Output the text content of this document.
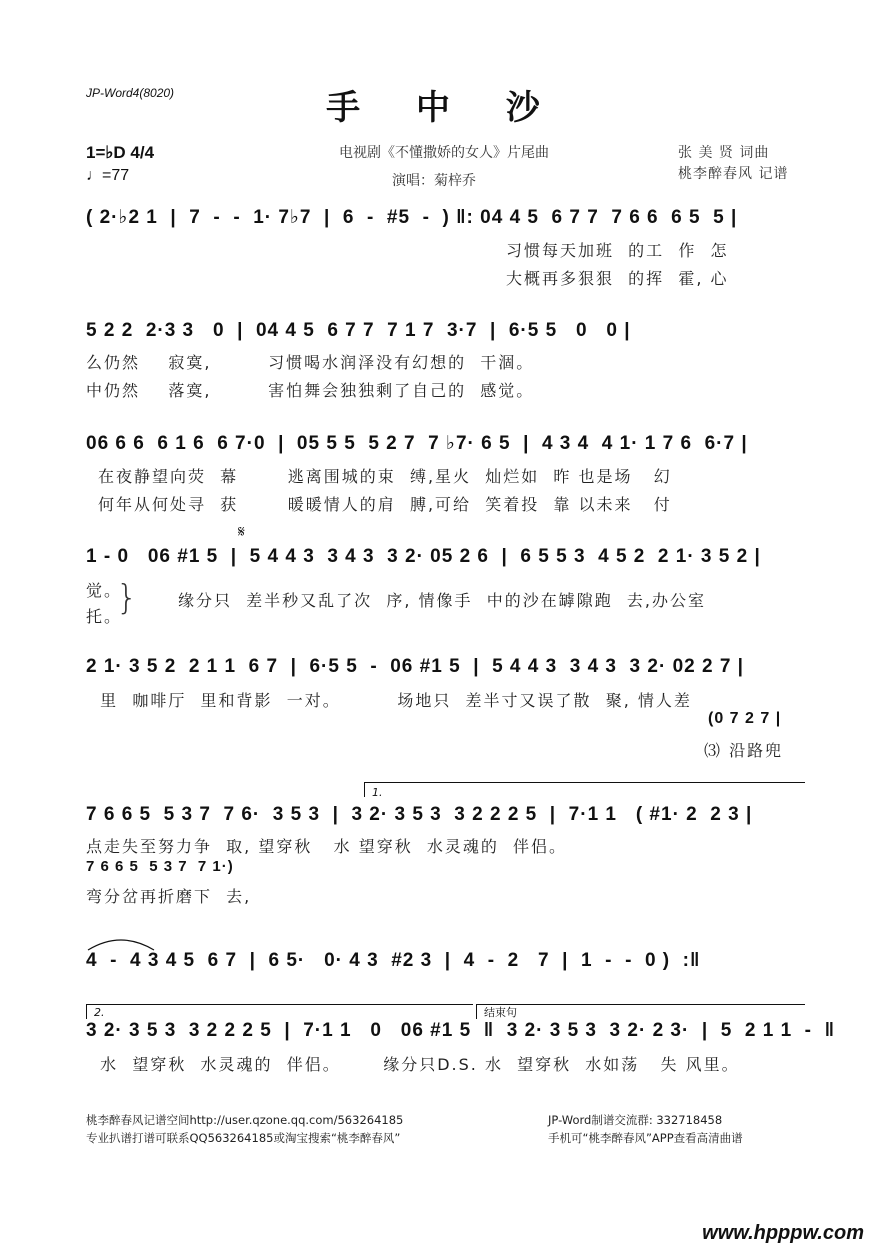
JP-Word4(8020)	手 中 沙
1=♭D 4/4
♩=77
电视剧《不懂撒娇的女人》片尾曲
演唱：菊梓乔
张 美 贤 词曲
桃李醉春风 记谱
( 2·♭2 1  |  7  -  -  1· 7♭7  |  6  -  #5  -  ) ‖: 04 4 5  6 7 7  7 6 6  6 5  5 |
习惯每天加班  的工  作  怎
大概再多狠狠  的挥  霍, 心
5 2 2  2·3 3   0  |  04 4 5  6 7 7  7 1 7  3·7  |  6·5 5   0   0 |
么仍然    寂寞,        习惯喝水润泽没有幻想的  干涸。
中仍然    落寞,        害怕舞会独独剩了自己的  感觉。
06 6 6  6 1 6  6 7·0  |  05 5 5  5 2 7  7 ♭7· 6 5  |  4 3 4  4 1· 1 7 6  6·7 |
在夜静望向荧  幕       逃离围城的束  缚,星火  灿烂如  昨 也是场   幻
何年从何处寻  获       暖暖情人的肩  膊,可给  笑着投  靠 以未来   付
𝄋
1 - 0   06 #1 5  |  5 4 4 3  3 4 3  3 2· 05 2 6  |  6 5 5 3  4 5 2  2 1· 3 5 2 |
觉。
托。
}	缘分只  差半秒又乱了次  序, 情像手  中的沙在罅隙跑  去,办公室
2 1· 3 5 2  2 1 1  6 7  |  6·5 5  -  06 #1 5  |  5 4 4 3  3 4 3  3 2· 02 2 7 |
里  咖啡厅  里和背影  一对。        场地只  差半寸又误了散  聚, 情人差
(0 7 2 7 |
⑶ 沿路兜
1.
7 6 6 5  5 3 7  7 6·  3 5 3  |  3 2· 3 5 3  3 2 2 2 5  |  7·1 1   ( #1· 2  2 3 |
点走失至努力争  取, 望穿秋   水 望穿秋  水灵魂的  伴侣。
7 6 6 5  5 3 7  7 1·)
弯分岔再折磨下  去,
4  -  4 3 4 5  6 7  |  6 5·   0· 4 3  #2 3  |  4  -  2   7  |  1  -  -  0 )  :‖
2.	结束句
3 2· 3 5 3  3 2 2 2 5  |  7·1 1   0   06 #1 5  ‖  3 2· 3 5 3  3 2· 2 3·  |  5  2 1 1  -  ‖
水  望穿秋  水灵魂的  伴侣。      缘分只D.S. 水  望穿秋  水如荡   失 风里。
桃李醉春风记谱空间http://user.qzone.qq.com/563264185
专业扒谱打谱可联系QQ563264185或淘宝搜索“桃李醉春风”
JP-Word制谱交流群: 332718458
手机可“桃李醉春风”APP查看高清曲谱
www.hpppw.com
